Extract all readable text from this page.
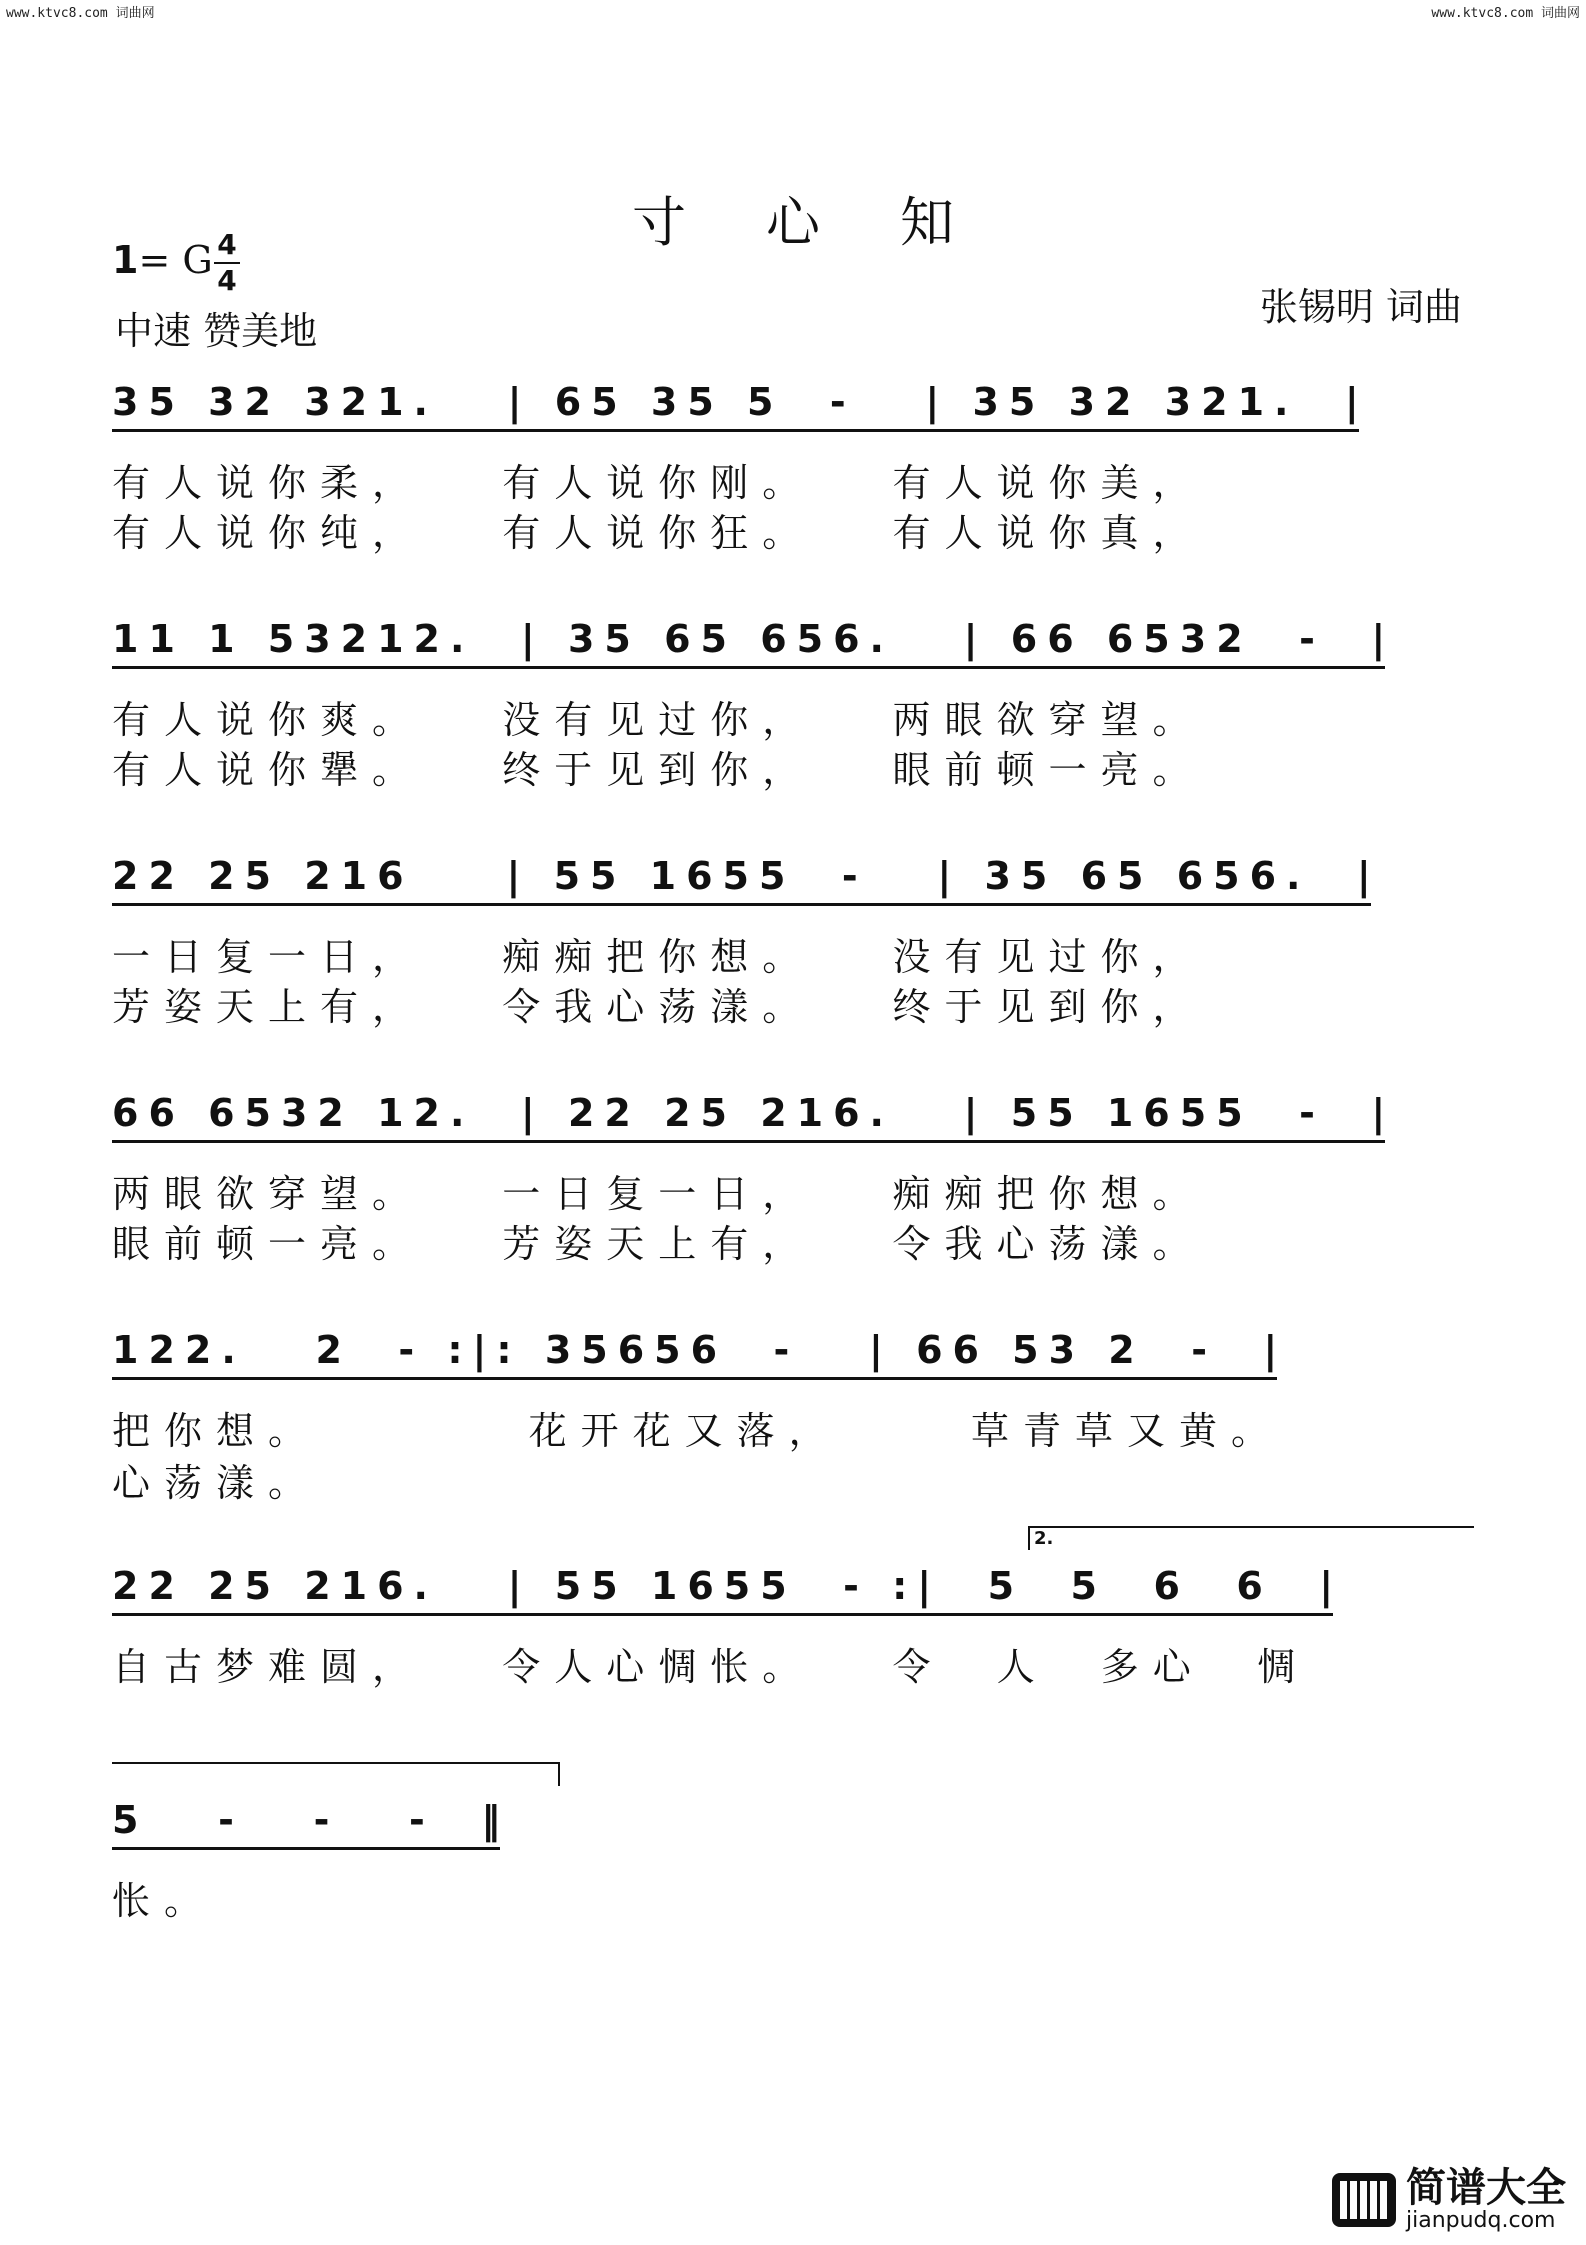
www.ktvc8.com 词曲网	www.ktvc8.com 词曲网
寸心知
1= G $\frac{4}{4}$
中速 赞美地
张锡明 词曲
35 32 321.   | 65 35 5  -   | 35 32 321.  |
有人说你柔，   有人说你刚。   有人说你美，
有人说你纯，   有人说你狂。   有人说你真，
11 1 53212.  | 35 65 656.   | 66 6532  -  |
有人说你爽。   没有见过你，   两眼欲穿望。
有人说你犟。   终于见到你，   眼前顿一亮。
22 25 216    | 55 1655  -   | 35 65 656.  |
一日复一日，   痴痴把你想。   没有见过你，
芳姿天上有，   令我心荡漾。   终于见到你，
66 6532 12.  | 22 25 216.   | 55 1655  -  |
两眼欲穿望。   一日复一日，   痴痴把你想。
眼前顿一亮。   芳姿天上有，   令我心荡漾。
122.   2  - :|: 35656  -   | 66 53 2  -  |
把你想。        花开花又落，     草青草又黄。
心荡漾。
2.
22 25 216.   | 55 1655  - :|  5  5  6  6  |
自古梦难圆，   令人心惆怅。   令  人  多心  惆
5   -   -   -  ‖
怅。
简谱大全
jianpudq.com
